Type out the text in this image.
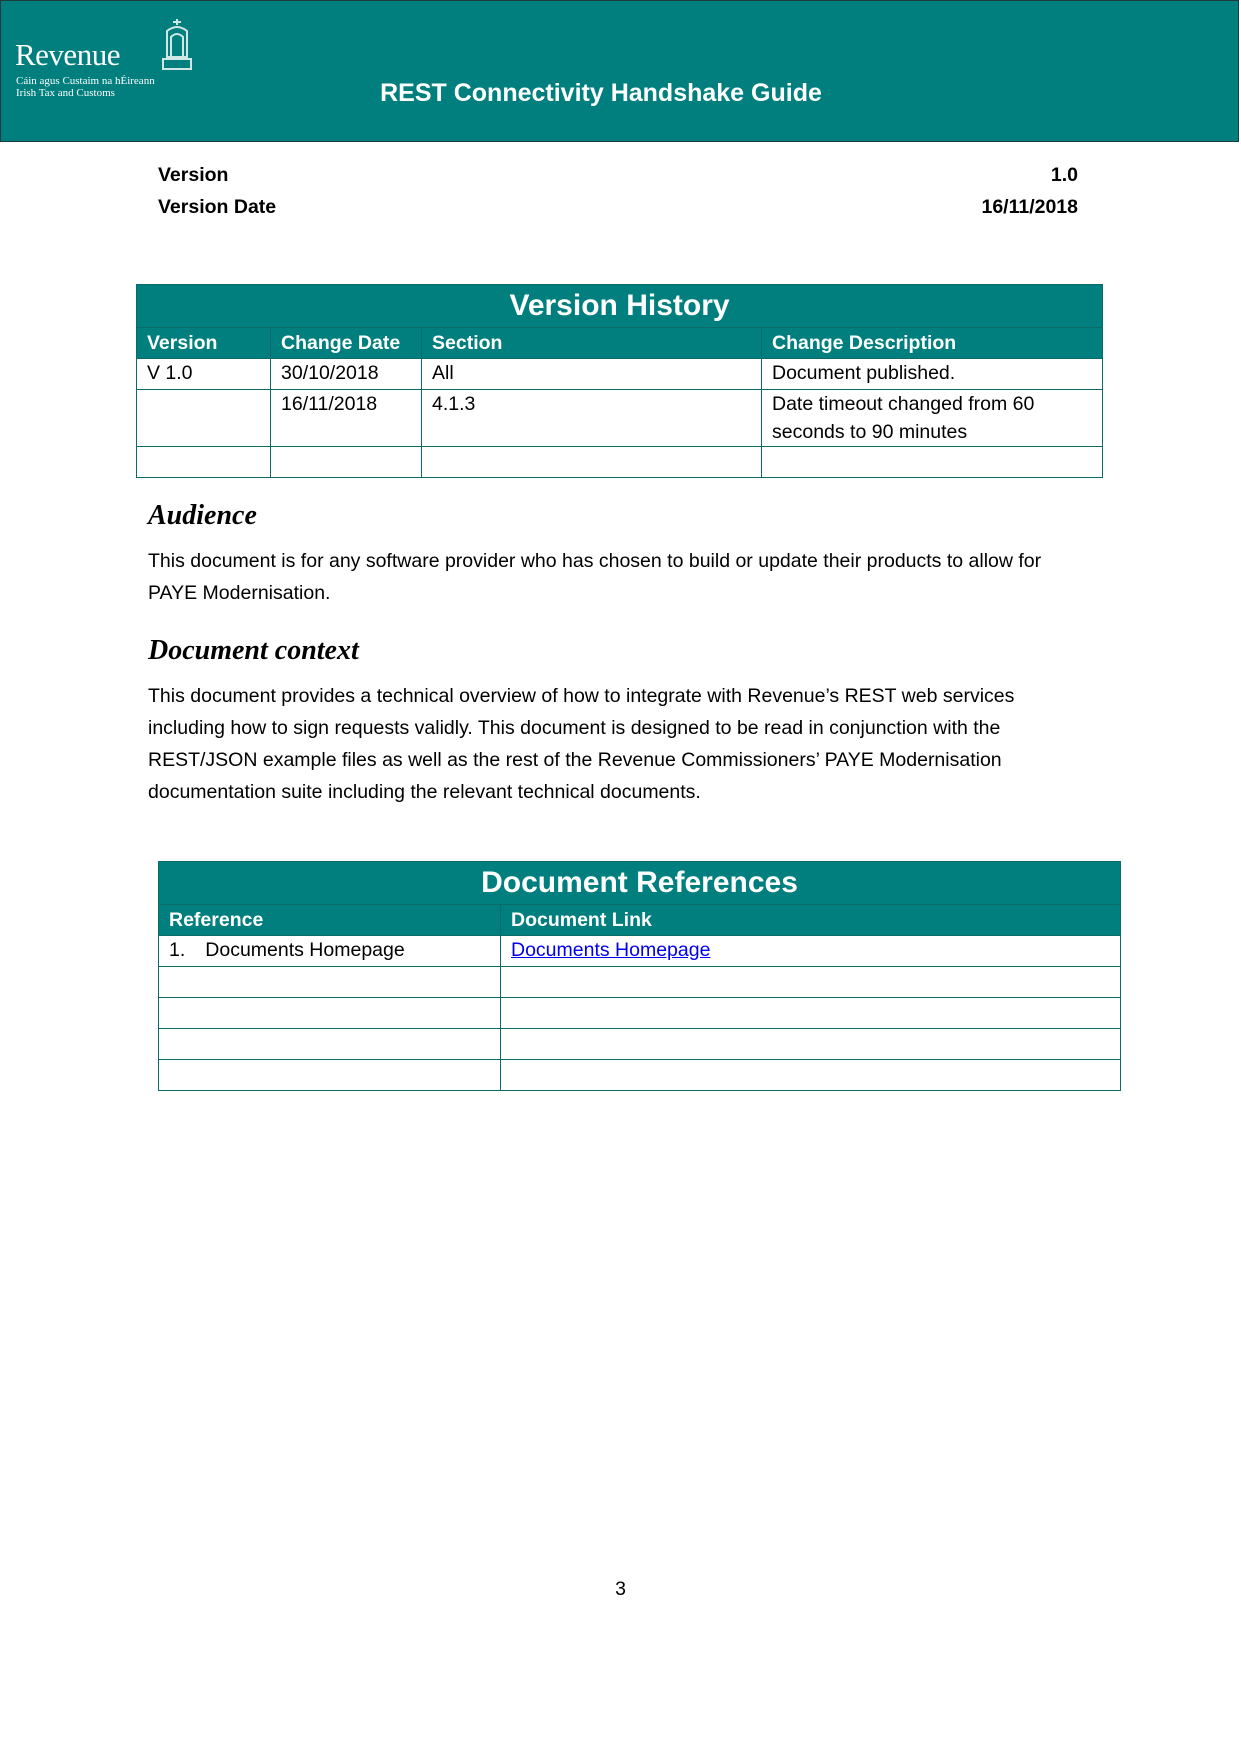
Revenue
Cáin agus Custaim na hÉireann
Irish Tax and Customs	REST Connectivity Handshake Guide
Version	1.0
Version Date	16/11/2018
Version History			
Version	Change Date	Section	Change Description
V 1.0	30/10/2018	All	Document published.
	16/11/2018	4.1.3	Date timeout changed from 60 seconds to 90 minutes

Audience

This document is for any software provider who has chosen to build or update their products to allow for PAYE Modernisation.

Document context

This document provides a technical overview of how to integrate with Revenue’s REST web services including how to sign requests validly. This document is designed to be read in conjunction with the REST/JSON example files as well as the rest of the Revenue Commissioners’ PAYE Modernisation documentation suite including the relevant technical documents.

Document References	
Reference	Document Link
1. Documents Homepage	Documents Homepage

3
